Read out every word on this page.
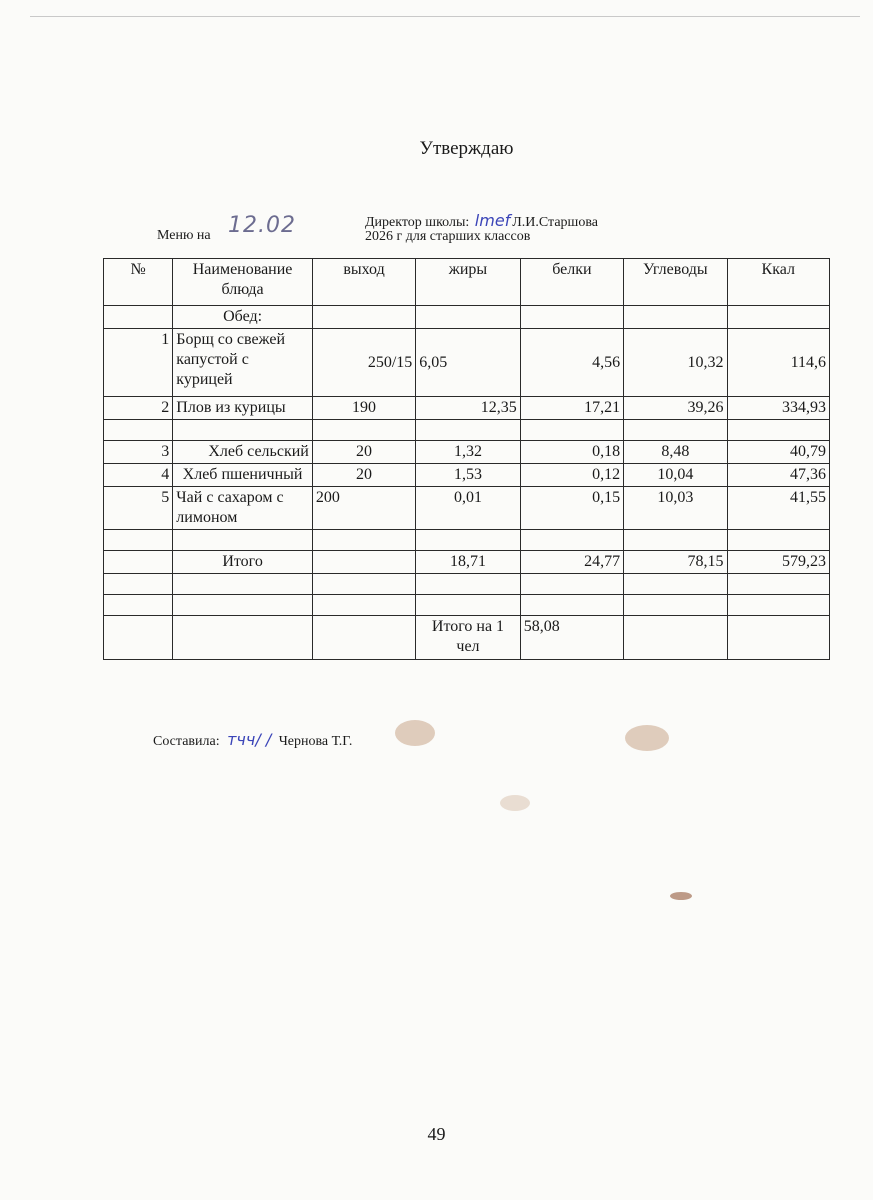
Утверждаю
Меню на 12.02	Директор школы: lmef Л.И.Старшова
2026 г для старших классов
№	Наименование блюда	выход	жиры	белки	Углеводы	Ккал
	Обед:					
1	Борщ со свежей капустой с курицей	250/15	6,05	4,56	10,32	114,6
2	Плов из курицы	190	12,35	17,21	39,26	334,93

3	Хлеб сельский	20	1,32	0,18	8,48	40,79
4	Хлеб пшеничный	20	1,53	0,12	10,04	47,36
5	Чай с сахаром с лимоном	200	0,01	0,15	10,03	41,55

	Итого		18,71	24,77	78,15	579,23

			Итого на 1 чел	58,08		
Составила: тчч/ / Чернова Т.Г.
49
